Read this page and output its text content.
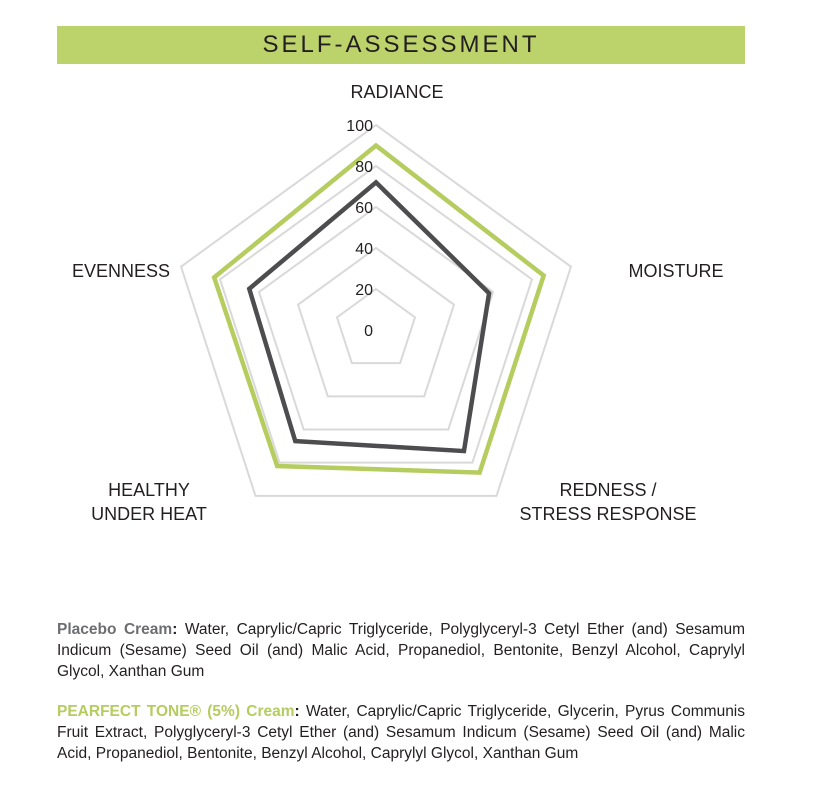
SELF-ASSESSMENT
0
20
40
60
80
100
RADIANCE
MOISTURE
REDNESS / STRESS RESPONSE
HEALTHY UNDER HEAT
EVENNESS

Placebo Cream: Water, Caprylic/Capric Triglyceride, Polyglyceryl-3 Cetyl Ether (and) Sesamum Indicum (Sesame) Seed Oil (and) Malic Acid, Propanediol, Bentonite, Benzyl Alcohol, Caprylyl Glycol, Xanthan Gum

PEARFECT TONE® (5%) Cream: Water, Caprylic/Capric Triglyceride, Glycerin, Pyrus Communis Fruit Extract, Polyglyceryl-3 Cetyl Ether (and) Sesamum Indicum (Sesame) Seed Oil (and) Malic Acid, Propanediol, Bentonite, Benzyl Alcohol, Caprylyl Glycol, Xanthan Gum
